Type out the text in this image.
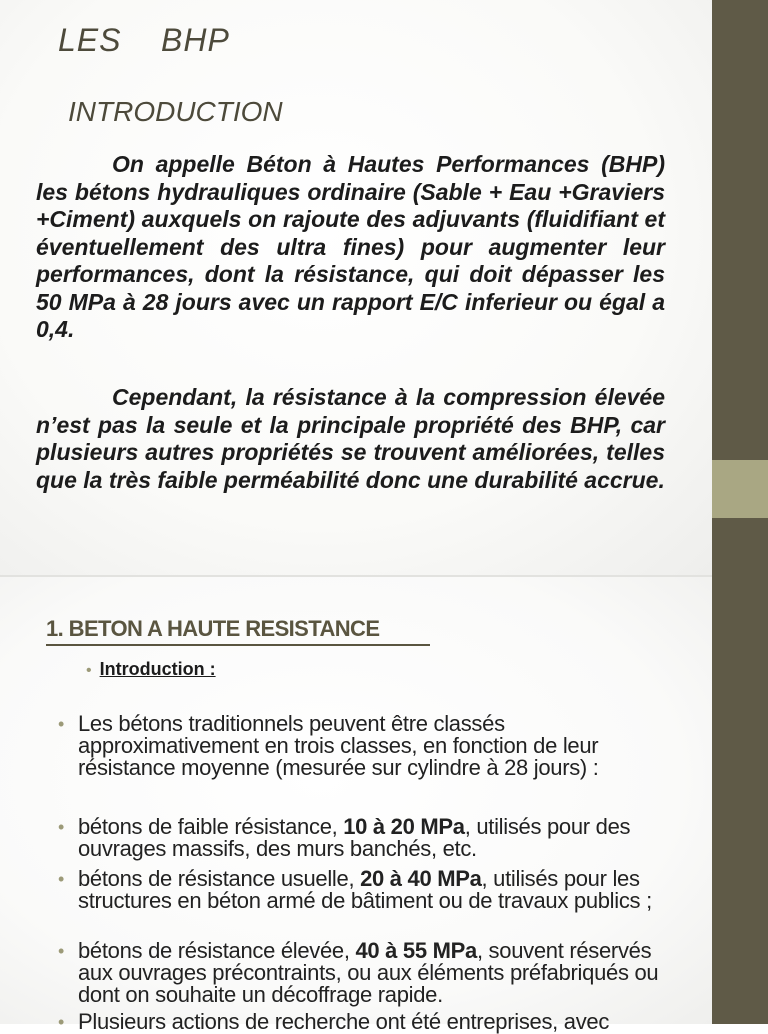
LES    BHP
INTRODUCTION

On appelle Béton à Hautes Performances (BHP) les bétons hydrauliques ordinaire (Sable + Eau +Graviers +Ciment) auxquels on rajoute des adjuvants (fluidifiant et éventuellement des ultra fines) pour augmenter leur performances, dont la résistance, qui doit dépasser les 50 MPa à 28 jours avec un rapport E/C inferieur ou égal a 0,4.

Cependant, la résistance à la compression élevée n’est pas la seule et la principale propriété des BHP, car plusieurs autres propriétés se trouvent améliorées, telles que la très faible perméabilité donc une durabilité accrue.

1. BETON A HAUTE RESISTANCE
• Introduction :
• Les bétons traditionnels peuvent être classés approximativement en trois classes, en fonction de leur résistance moyenne (mesurée sur cylindre à 28 jours) :
• bétons de faible résistance, 10 à 20 MPa, utilisés pour des ouvrages massifs, des murs banchés, etc.
• bétons de résistance usuelle, 20 à 40 MPa, utilisés pour les structures en béton armé de bâtiment ou de travaux publics ;
• bétons de résistance élevée, 40 à 55 MPa, souvent réservés aux ouvrages précontraints, ou aux éléments préfabriqués ou dont on souhaite un décoffrage rapide.
• Plusieurs actions de recherche ont été entreprises, avec
